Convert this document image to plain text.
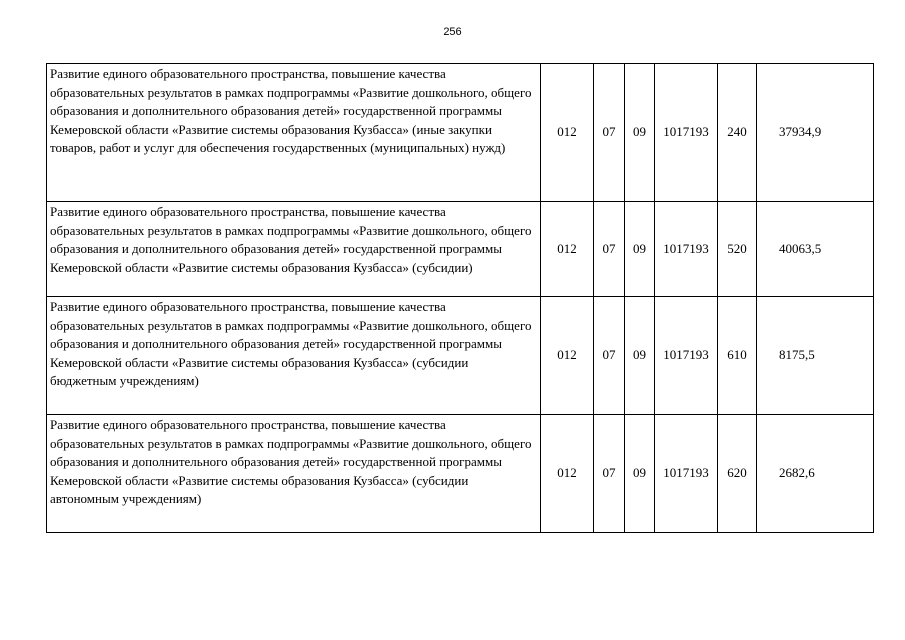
256
Развитие единого образовательного пространства, повышение качества образовательных результатов в рамках подпрограммы «Развитие дошкольного, общего образования и дополнительного образования детей» государственной программы Кемеровской области «Развитие системы образования Кузбасса» (иные закупки товаров, работ и услуг для обеспечения государственных (муниципальных) нужд)	012	07	09	1017193	240	37934,9
Развитие единого образовательного пространства, повышение качества образовательных результатов в рамках подпрограммы «Развитие дошкольного, общего образования и дополнительного образования детей» государственной программы Кемеровской области «Развитие системы образования Кузбасса» (субсидии)	012	07	09	1017193	520	40063,5
Развитие единого образовательного пространства, повышение качества образовательных результатов в рамках подпрограммы «Развитие дошкольного, общего образования и дополнительного образования детей» государственной программы Кемеровской области «Развитие системы образования Кузбасса» (субсидии бюджетным учреждениям)	012	07	09	1017193	610	8175,5
Развитие единого образовательного пространства, повышение качества образовательных результатов в рамках подпрограммы «Развитие дошкольного, общего образования и дополнительного образования детей» государственной программы Кемеровской области «Развитие системы образования Кузбасса» (субсидии автономным учреждениям)	012	07	09	1017193	620	2682,6
